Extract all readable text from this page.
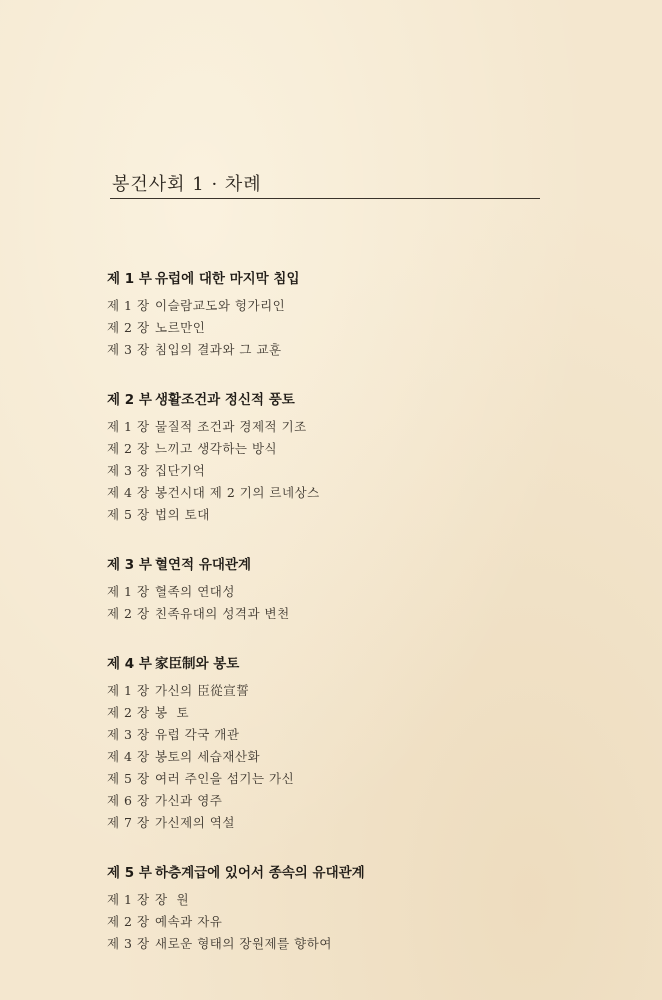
봉건사회 1 · 차례
제 1 부 유럽에 대한 마지막 침입
제 1 장 이슬람교도와 헝가리인
제 2 장 노르만인
제 3 장 침입의 결과와 그 교훈
제 2 부 생활조건과 정신적 풍토
제 1 장 물질적 조건과 경제적 기조
제 2 장 느끼고 생각하는 방식
제 3 장 집단기억
제 4 장 봉건시대 제 2 기의 르네상스
제 5 장 법의 토대
제 3 부 혈연적 유대관계
제 1 장 혈족의 연대성
제 2 장 친족유대의 성격과 변천
제 4 부 家臣制와 봉토
제 1 장 가신의 臣從宣誓
제 2 장 봉  토
제 3 장 유럽 각국 개관
제 4 장 봉토의 세습재산화
제 5 장 여러 주인을 섬기는 가신
제 6 장 가신과 영주
제 7 장 가신제의 역설
제 5 부 하층계급에 있어서 종속의 유대관계
제 1 장 장  원
제 2 장 예속과 자유
제 3 장 새로운 형태의 장원제를 향하여
